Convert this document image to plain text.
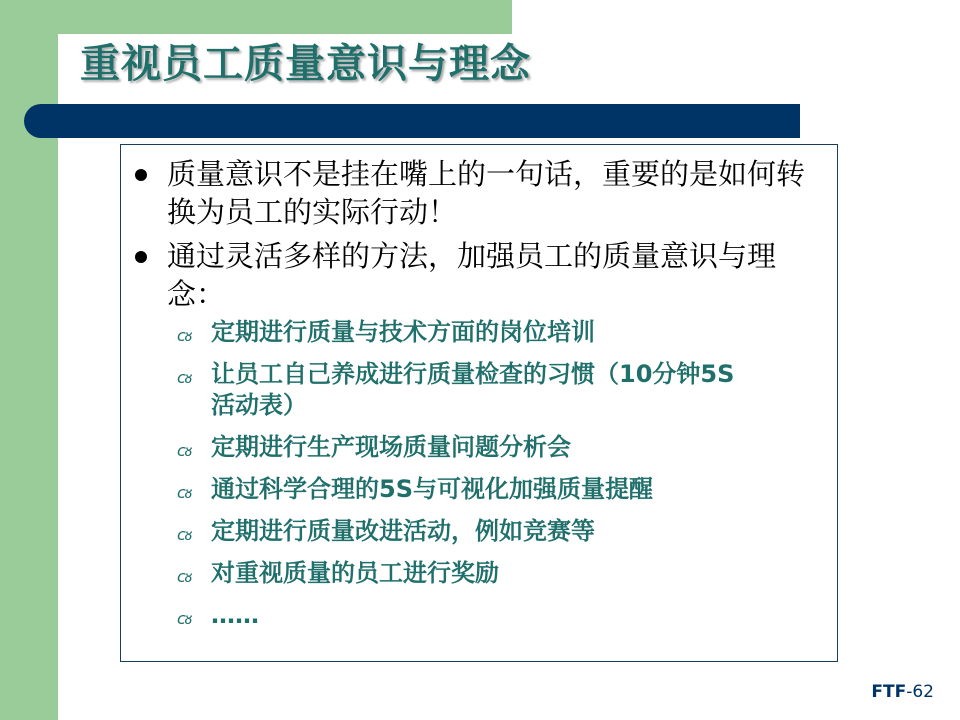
重视员工质量意识与理念
质量意识不是挂在嘴上的一句话，重要的是如何转换为员工的实际行动！
通过灵活多样的方法，加强员工的质量意识与理念：
ᴄᴕ 定期进行质量与技术方面的岗位培训
ᴄᴕ 让员工自己养成进行质量检查的习惯（10分钟5S活动表）
ᴄᴕ 定期进行生产现场质量问题分析会
ᴄᴕ 通过科学合理的5S与可视化加强质量提醒
ᴄᴕ 定期进行质量改进活动，例如竞赛等
ᴄᴕ 对重视质量的员工进行奖励
ᴄᴕ ……
FTF-62
